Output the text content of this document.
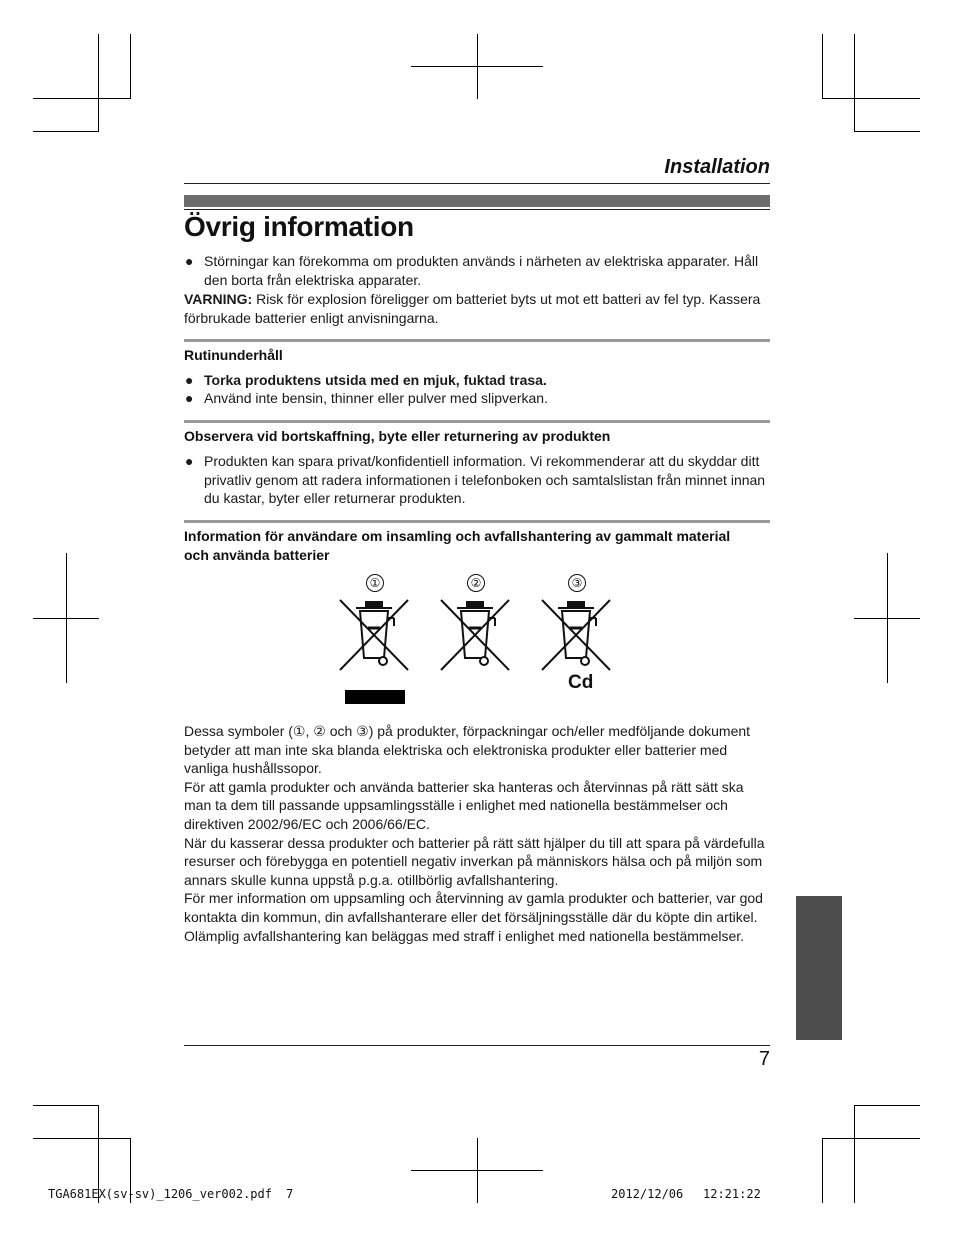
Installation
Övrig information
● Störningar kan förekomma om produkten används i närheten av elektriska apparater. Håll den borta från elektriska apparater.
VARNING: Risk för explosion föreligger om batteriet byts ut mot ett batteri av fel typ. Kassera förbrukade batterier enligt anvisningarna.
Rutinunderhåll
● Torka produktens utsida med en mjuk, fuktad trasa.
● Använd inte bensin, thinner eller pulver med slipverkan.
Observera vid bortskaffning, byte eller returnering av produkten
● Produkten kan spara privat/konfidentiell information. Vi rekommenderar att du skyddar ditt privatliv genom att radera informationen i telefonboken och samtalslistan från minnet innan du kastar, byter eller returnerar produkten.
Information för användare om insamling och avfallshantering av gammalt material och använda batterier
①	②	③
Cd
Dessa symboler (①, ② och ③) på produkter, förpackningar och/eller medföljande dokument betyder att man inte ska blanda elektriska och elektroniska produkter eller batterier med vanliga hushållssopor.
För att gamla produkter och använda batterier ska hanteras och återvinnas på rätt sätt ska man ta dem till passande uppsamlingsställe i enlighet med nationella bestämmelser och direktiven 2002/96/EC och 2006/66/EC.
När du kasserar dessa produkter och batterier på rätt sätt hjälper du till att spara på värdefulla resurser och förebygga en potentiell negativ inverkan på människors hälsa och på miljön som annars skulle kunna uppstå p.g.a. otillbörlig avfallshantering.
För mer information om uppsamling och återvinning av gamla produkter och batterier, var god kontakta din kommun, din avfallshanterare eller det försäljningsställe där du köpte din artikel.
Olämplig avfallshantering kan beläggas med straff i enlighet med nationella bestämmelser.
7
TGA681EX(sv-sv)_1206_ver002.pdf 7	2012/12/06 12:21:22
